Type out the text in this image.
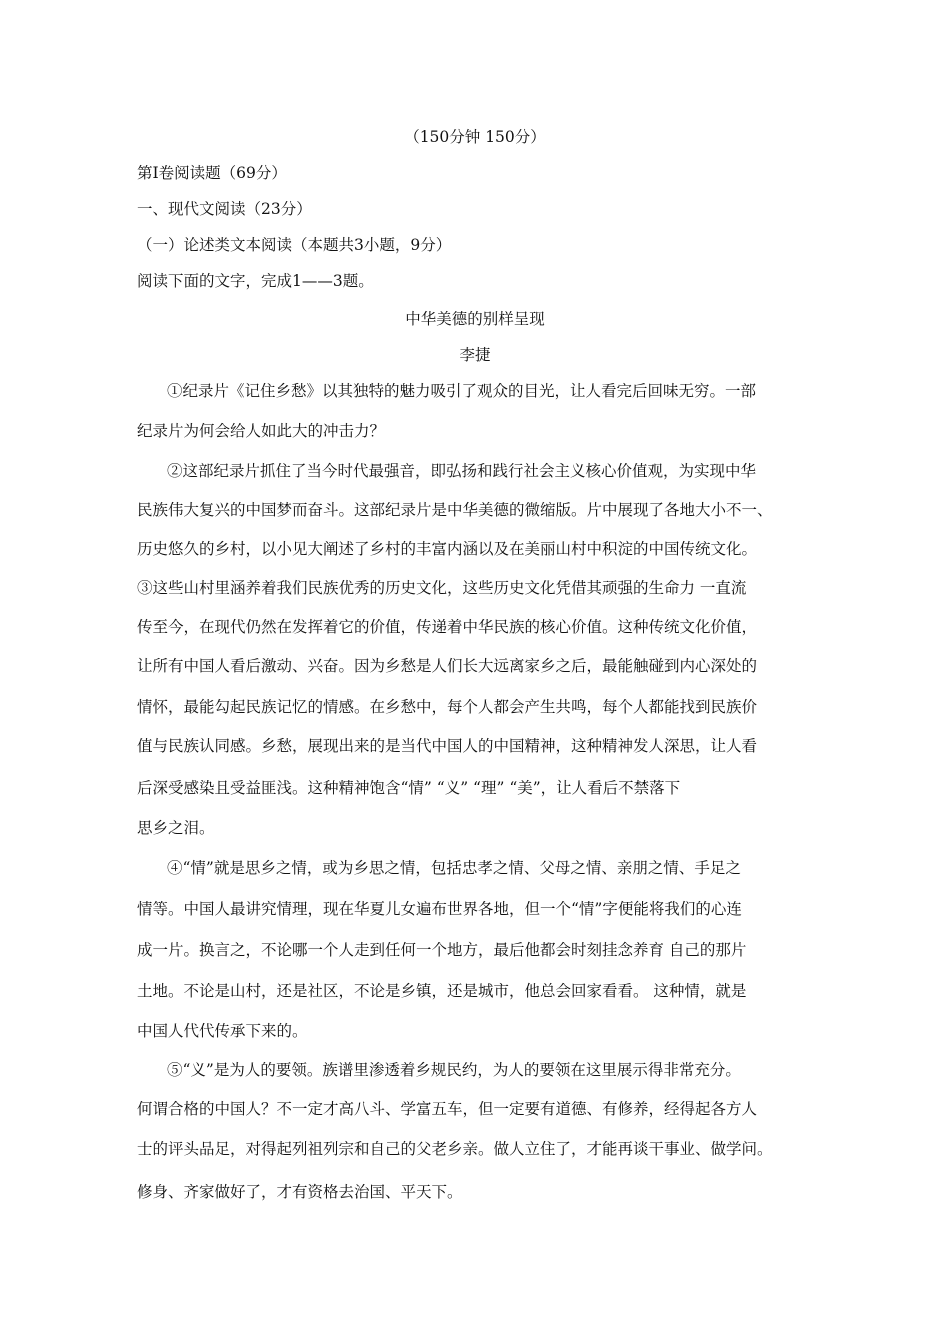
（150分钟 150分）
第Ⅰ卷阅读题（69分）
一、现代文阅读（23分）
（一）论述类文本阅读（本题共3小题，9分）
阅读下面的文字，完成1——3题。
中华美德的别样呈现
李捷
①纪录片《记住乡愁》以其独特的魅力吸引了观众的目光，让人看完后回味无穷。一部
纪录片为何会给人如此大的冲击力？
②这部纪录片抓住了当今时代最强音，即弘扬和践行社会主义核心价值观，为实现中华
民族伟大复兴的中国梦而奋斗。这部纪录片是中华美德的微缩版。片中展现了各地大小不一、
历史悠久的乡村，以小见大阐述了乡村的丰富内涵以及在美丽山村中积淀的中国传统文化。
③这些山村里涵养着我们民族优秀的历史文化，这些历史文化凭借其顽强的生命力 一直流
传至今，在现代仍然在发挥着它的价值，传递着中华民族的核心价值。这种传统文化价值，
让所有中国人看后激动、兴奋。因为乡愁是人们长大远离家乡之后，最能触碰到内心深处的
情怀，最能勾起民族记忆的情感。在乡愁中，每个人都会产生共鸣，每个人都能找到民族价
值与民族认同感。乡愁，展现出来的是当代中国人的中国精神，这种精神发人深思，让人看
后深受感染且受益匪浅。这种精神饱含“情” “义” “理” “美”，让人看后不禁落下
思乡之泪。
④“情”就是思乡之情，或为乡思之情，包括忠孝之情、父母之情、亲朋之情、手足之
情等。中国人最讲究情理，现在华夏儿女遍布世界各地，但一个“情”字便能将我们的心连
成一片。换言之，不论哪一个人走到任何一个地方，最后他都会时刻挂念养育 自己的那片
土地。不论是山村，还是社区，不论是乡镇，还是城市，他总会回家看看。 这种情，就是
中国人代代传承下来的。
⑤“义”是为人的要领。族谱里渗透着乡规民约，为人的要领在这里展示得非常充分。
何谓合格的中国人？不一定才高八斗、学富五车，但一定要有道德、有修养，经得起各方人
士的评头品足，对得起列祖列宗和自己的父老乡亲。做人立住了，才能再谈干事业、做学问。
修身、齐家做好了，才有资格去治国、平天下。
